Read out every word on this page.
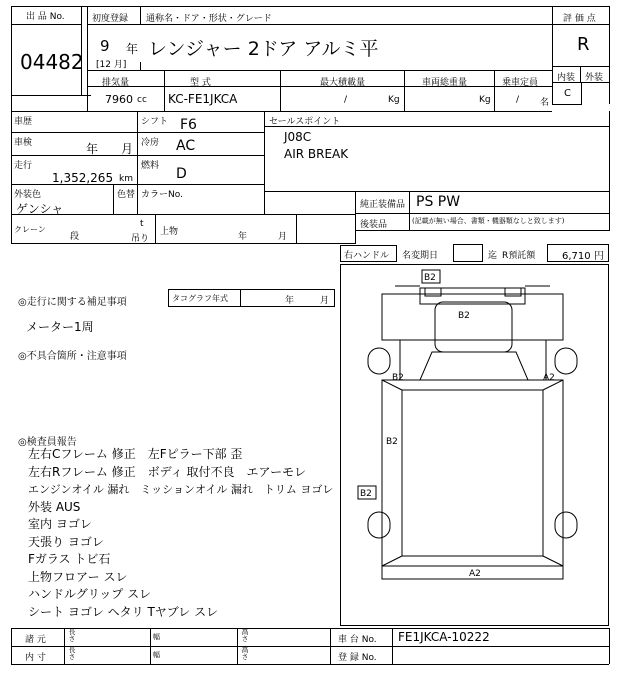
出 品 No.
04482
初度登録 通称名・ドア・形状・グレード	評 価 点
9 年
[12 月]
レンジャー 2ドア アルミ平	R
内装 外装
C
排気量	型 式	最大積載量	車両総重量	乗車定員
7960 cc KC-FE1JKCA	/	Kg	Kg	/ 名
車歴	シフト F6	セールスポイント
J08C
AIR BREAK
車検	年 月 冷房 AC
走行
1,352,265 km
燃料 D
外装色
ゲンシャ
色替 カラーNo.
純正装備品 PS PW
後装品	(記載が無い場合、書類・機器類なしと致します)
クレーン
段
t
吊り
上物	年	月
右ハンドル 名変期日	迄 R預託額	6,710 円
B2
B2
B2	A2
B2
B2
A2
◎走行に関する補足事項	タコグラフ年式	年	月
メーター1周
◎不具合箇所・注意事項
◎検査員報告
左右Cフレーム 修正　左Fピラー下部 歪
左右Rフレーム 修正　ボディ 取付不良　エアーモレ
エンジンオイル 漏れ　ミッションオイル 漏れ　トリム ヨゴレ
外装 AUS
室内 ヨゴレ
天張り ヨゴレ
Fガラス トビ石
上物フロアー スレ
ハンドルグリップ スレ
シート ヨゴレ ヘタリ Tヤブレ スレ
諸 元	長さ	幅	高さ	車 台 No. FE1JKCA-10222
内 寸	長さ	幅	高さ	登 録 No.
